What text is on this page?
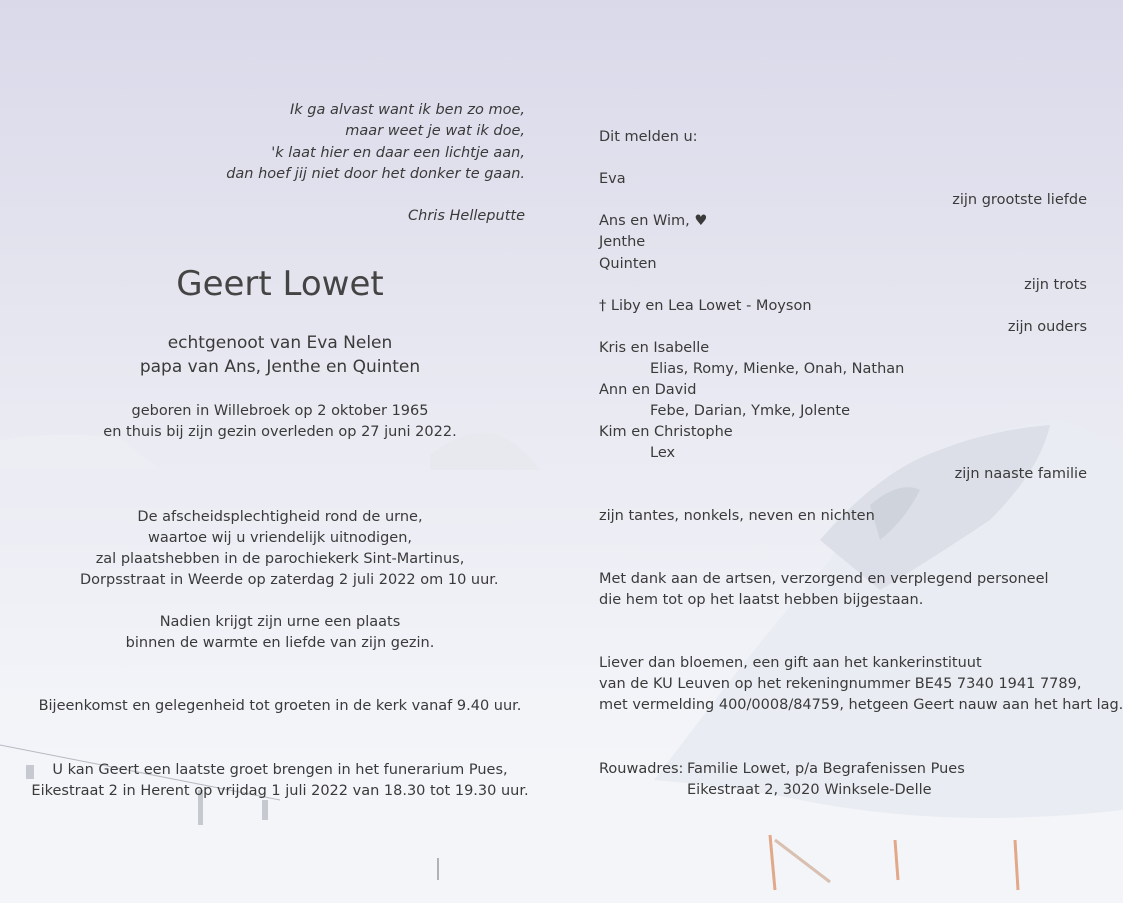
Ik ga alvast want ik ben zo moe,
maar weet je wat ik doe,
'k laat hier en daar een lichtje aan,
dan hoef jij niet door het donker te gaan.
Chris Helleputte
Geert Lowet
echtgenoot van Eva Nelen
papa van Ans, Jenthe en Quinten
geboren in Willebroek op 2 oktober 1965
en thuis bij zijn gezin overleden op 27 juni 2022.
De afscheidsplechtigheid rond de urne,
waartoe wij u vriendelijk uitnodigen,
zal plaatshebben in de parochiekerk Sint-Martinus,
Dorpsstraat in Weerde op zaterdag 2 juli 2022 om 10 uur.
Nadien krijgt zijn urne een plaats
binnen de warmte en liefde van zijn gezin.
Bijeenkomst en gelegenheid tot groeten in de kerk vanaf 9.40 uur.
U kan Geert een laatste groet brengen in het funerarium Pues,
Eikestraat 2 in Herent op vrijdag 1 juli 2022 van 18.30 tot 19.30 uur.
Dit melden u:
Eva
zijn grootste liefde
Ans en Wim, ♥
Jenthe
Quinten
zijn trots
† Liby en Lea Lowet - Moyson
zijn ouders
Kris en Isabelle
Elias, Romy, Mienke, Onah, Nathan
Ann en David
Febe, Darian, Ymke, Jolente
Kim en Christophe
Lex
zijn naaste familie
zijn tantes, nonkels, neven en nichten
Met dank aan de artsen, verzorgend en verplegend personeel
die hem tot op het laatst hebben bijgestaan.
Liever dan bloemen, een gift aan het kankerinstituut
van de KU Leuven op het rekeningnummer BE45 7340 1941 7789,
met vermelding 400/0008/84759, hetgeen Geert nauw aan het hart lag.
Rouwadres: Familie Lowet, p/a Begrafenissen Pues
Eikestraat 2, 3020 Winksele-Delle
